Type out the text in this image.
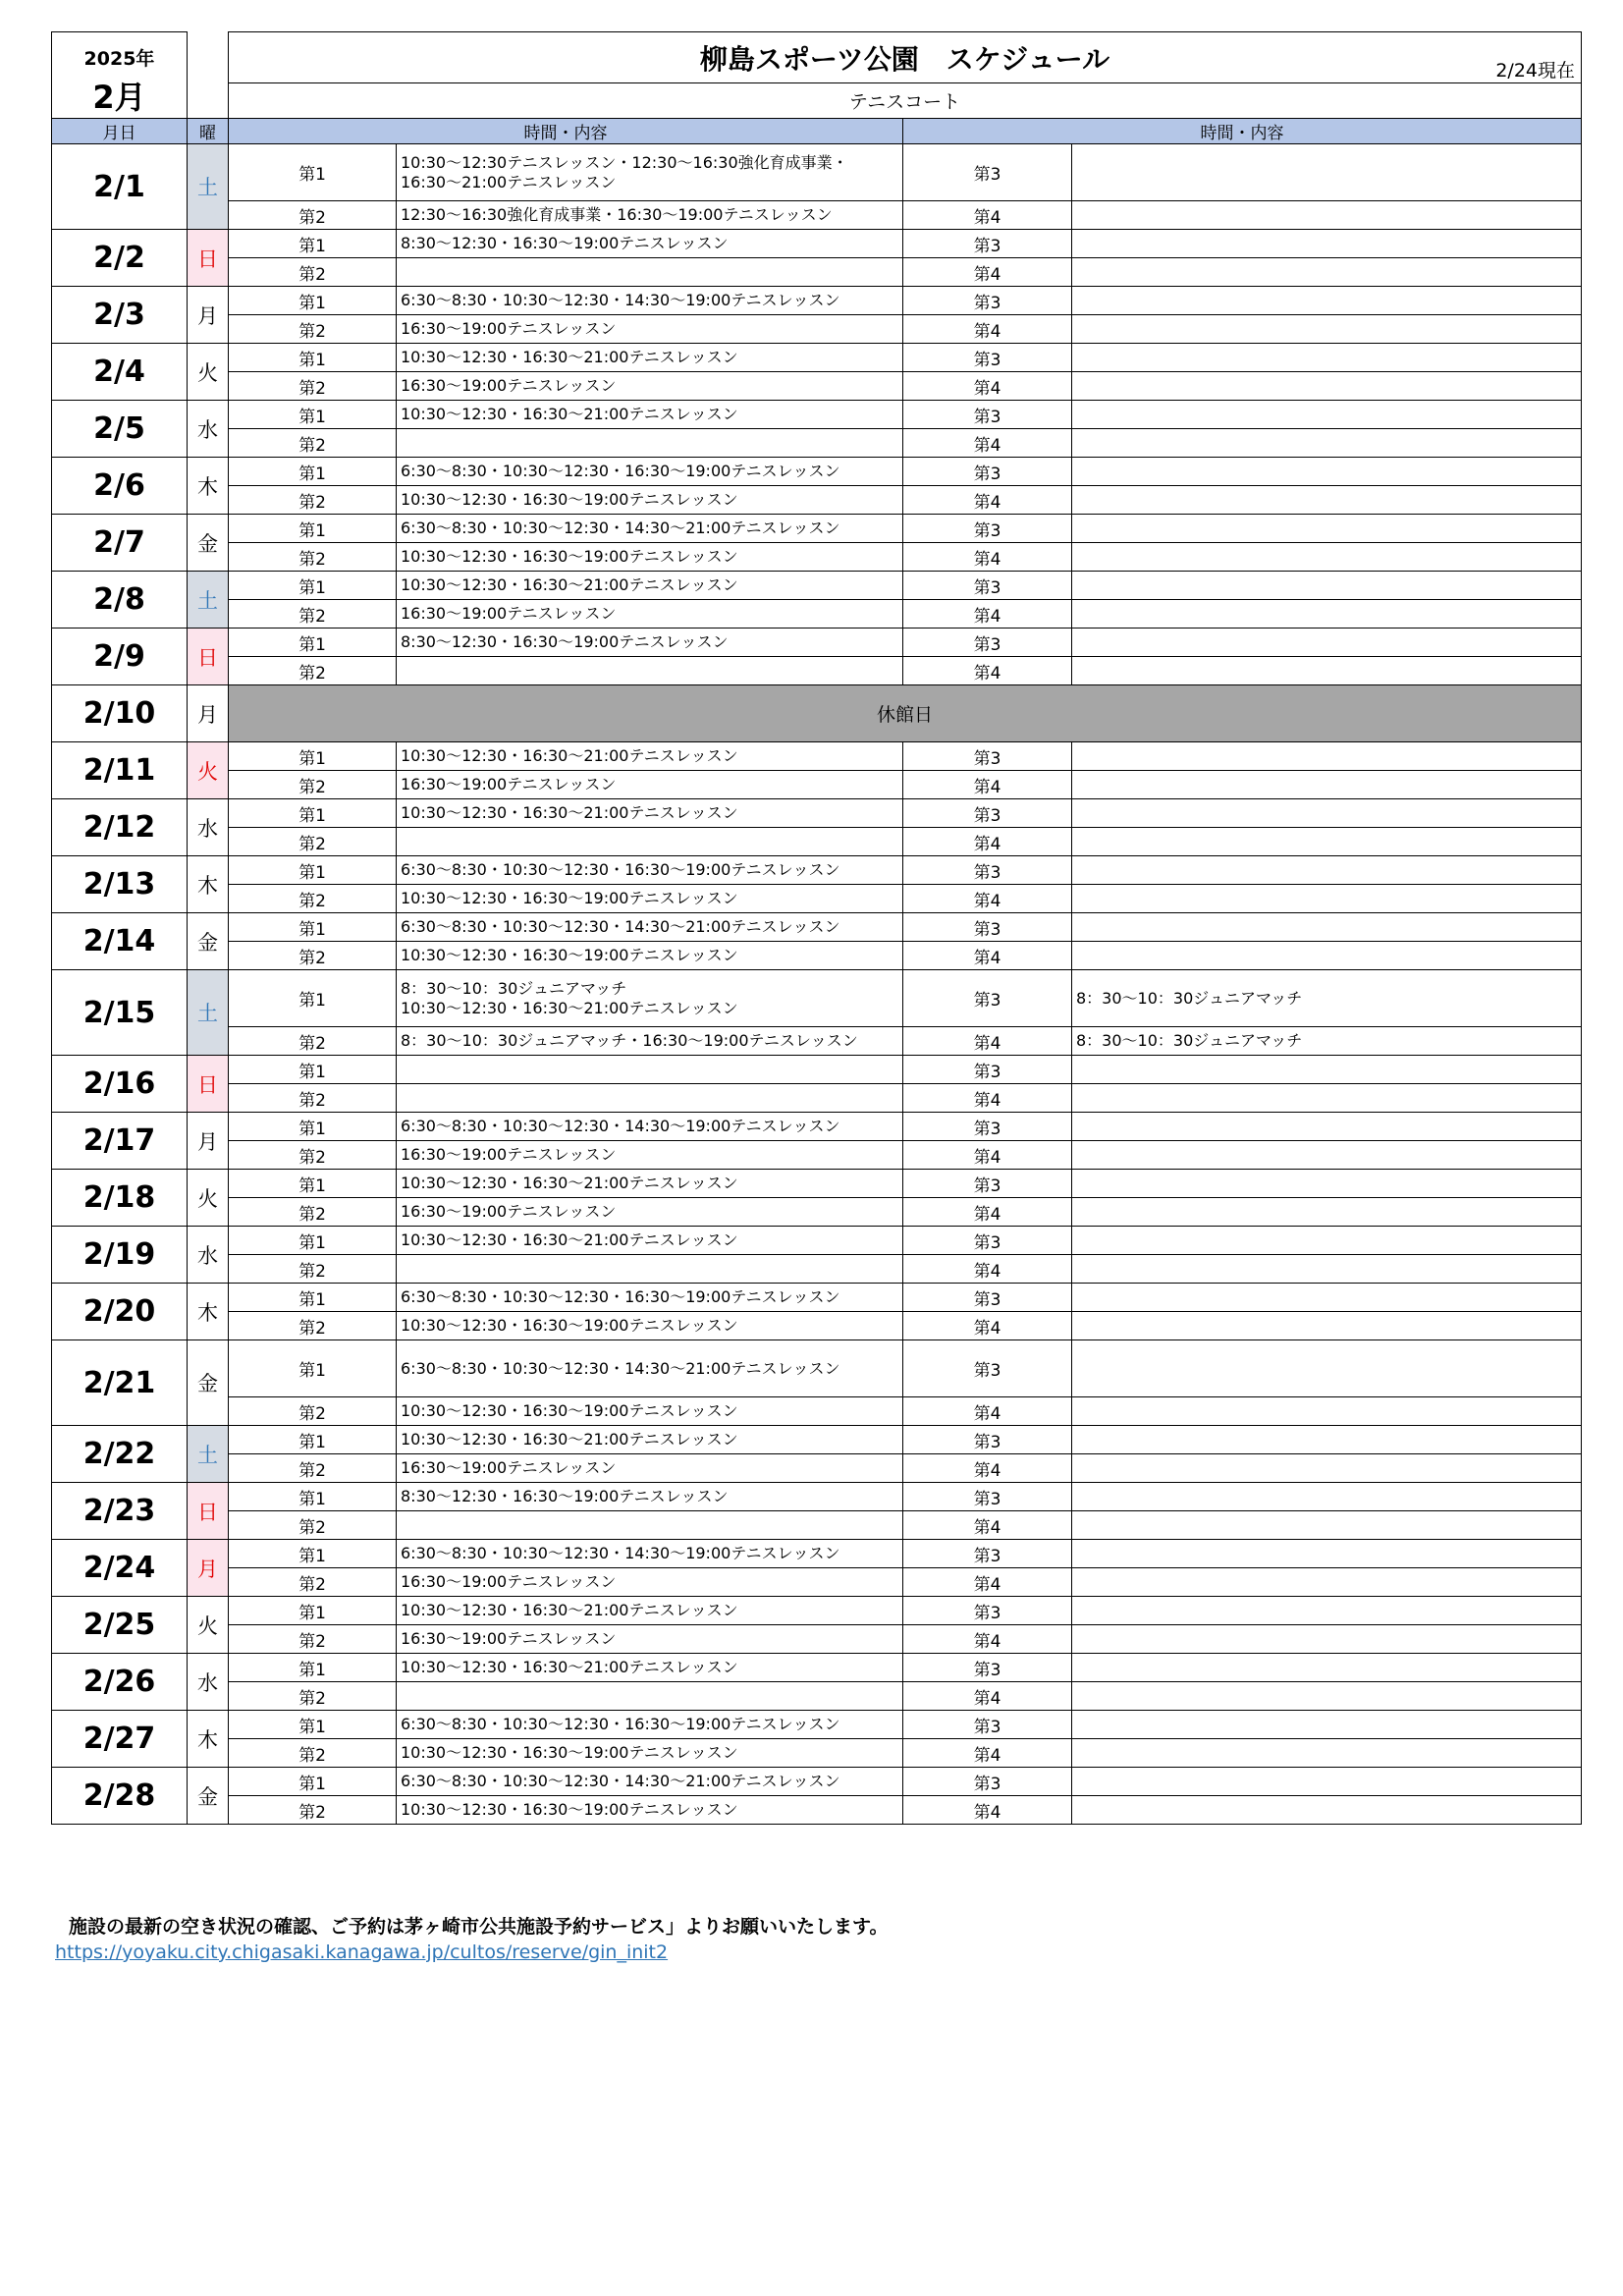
2025年
2月		柳島スポーツ公園　スケジュール 2/24現在			

		テニスコート			
月日	曜	時間・内容		時間・内容	
2/1	土	第1	10:30～12:30テニスレッスン・12:30～16:30強化育成事業・
16:30～21:00テニスレッスン	第3	
		第2	12:30～16:30強化育成事業・16:30～19:00テニスレッスン	第4	
2/2	日	第1	8:30～12:30・16:30～19:00テニスレッスン	第3	
		第2		第4	
2/3	月	第1	6:30～8:30・10:30～12:30・14:30～19:00テニスレッスン	第3	
		第2	16:30～19:00テニスレッスン	第4	
2/4	火	第1	10:30～12:30・16:30～21:00テニスレッスン	第3	
		第2	16:30～19:00テニスレッスン	第4	
2/5	水	第1	10:30～12:30・16:30～21:00テニスレッスン	第3	
		第2		第4	
2/6	木	第1	6:30～8:30・10:30～12:30・16:30～19:00テニスレッスン	第3	
		第2	10:30～12:30・16:30～19:00テニスレッスン	第4	
2/7	金	第1	6:30～8:30・10:30～12:30・14:30～21:00テニスレッスン	第3	
		第2	10:30～12:30・16:30～19:00テニスレッスン	第4	
2/8	土	第1	10:30～12:30・16:30～21:00テニスレッスン	第3	
		第2	16:30～19:00テニスレッスン	第4	
2/9	日	第1	8:30～12:30・16:30～19:00テニスレッスン	第3	
		第2		第4	
2/10	月	休館日			
2/11	火	第1	10:30～12:30・16:30～21:00テニスレッスン	第3	
		第2	16:30～19:00テニスレッスン	第4	
2/12	水	第1	10:30～12:30・16:30～21:00テニスレッスン	第3	
		第2		第4	
2/13	木	第1	6:30～8:30・10:30～12:30・16:30～19:00テニスレッスン	第3	
		第2	10:30～12:30・16:30～19:00テニスレッスン	第4	
2/14	金	第1	6:30～8:30・10:30～12:30・14:30～21:00テニスレッスン	第3	
		第2	10:30～12:30・16:30～19:00テニスレッスン	第4	
2/15	土	第1	8：30～10：30ジュニアマッチ
10:30～12:30・16:30～21:00テニスレッスン	第3	8：30～10：30ジュニアマッチ
		第2	8：30～10：30ジュニアマッチ・16:30～19:00テニスレッスン	第4	8：30～10：30ジュニアマッチ
2/16	日	第1		第3	
		第2		第4	
2/17	月	第1	6:30～8:30・10:30～12:30・14:30～19:00テニスレッスン	第3	
		第2	16:30～19:00テニスレッスン	第4	
2/18	火	第1	10:30～12:30・16:30～21:00テニスレッスン	第3	
		第2	16:30～19:00テニスレッスン	第4	
2/19	水	第1	10:30～12:30・16:30～21:00テニスレッスン	第3	
		第2		第4	
2/20	木	第1	6:30～8:30・10:30～12:30・16:30～19:00テニスレッスン	第3	
		第2	10:30～12:30・16:30～19:00テニスレッスン	第4	
2/21	金	第1	6:30～8:30・10:30～12:30・14:30～21:00テニスレッスン	第3	
		第2	10:30～12:30・16:30～19:00テニスレッスン	第4	
2/22	土	第1	10:30～12:30・16:30～21:00テニスレッスン	第3	
		第2	16:30～19:00テニスレッスン	第4	
2/23	日	第1	8:30～12:30・16:30～19:00テニスレッスン	第3	
		第2		第4	
2/24	月	第1	6:30～8:30・10:30～12:30・14:30～19:00テニスレッスン	第3	
		第2	16:30～19:00テニスレッスン	第4	
2/25	火	第1	10:30～12:30・16:30～21:00テニスレッスン	第3	
		第2	16:30～19:00テニスレッスン	第4	
2/26	水	第1	10:30～12:30・16:30～21:00テニスレッスン	第3	
		第2		第4	
2/27	木	第1	6:30～8:30・10:30～12:30・16:30～19:00テニスレッスン	第3	
		第2	10:30～12:30・16:30～19:00テニスレッスン	第4	
2/28	金	第1	6:30～8:30・10:30～12:30・14:30～21:00テニスレッスン	第3	
		第2	10:30～12:30・16:30～19:00テニスレッスン	第4	
施設の最新の空き状況の確認、ご予約は茅ヶ崎市公共施設予約サービス」よりお願いいたします。
https://yoyaku.city.chigasaki.kanagawa.jp/cultos/reserve/gin_init2
